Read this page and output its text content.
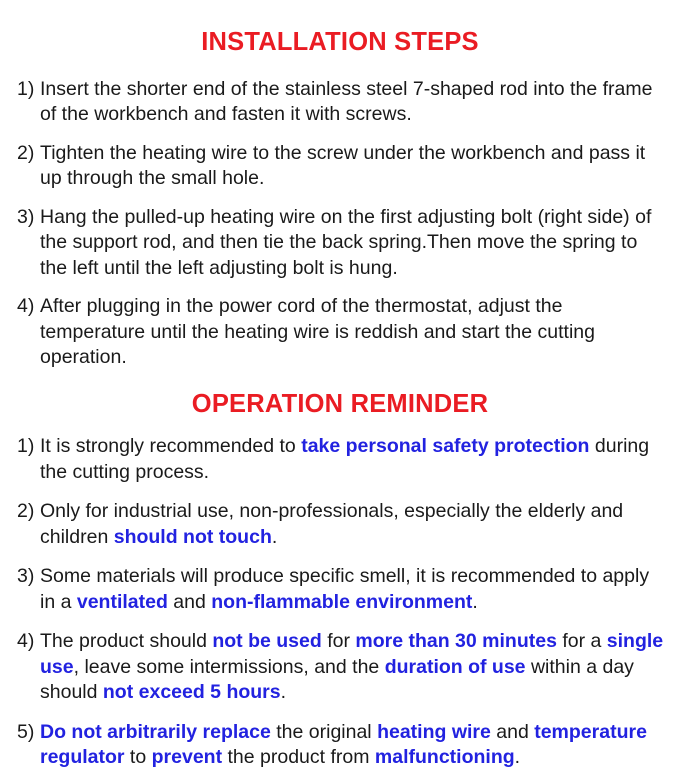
INSTALLATION STEPS
1) Insert the shorter end of the stainless steel 7-shaped rod into the frame of the workbench and fasten it with screws.
2) Tighten the heating wire to the screw under the workbench and pass it up through the small hole.
3) Hang the pulled-up heating wire on the first adjusting bolt (right side) of the support rod, and then tie the back spring.Then move the spring to the left until the left adjusting bolt is hung.
4) After plugging in the power cord of the thermostat, adjust the temperature until the heating wire is reddish and start the cutting operation.
OPERATION REMINDER
1) It is strongly recommended to take personal safety protection during the cutting process.
2) Only for industrial use, non-professionals, especially the elderly and children should not touch.
3) Some materials will produce specific smell, it is recommended to apply in a ventilated and non-flammable environment.
4) The product should not be used for more than 30 minutes for a single use, leave some intermissions, and the duration of use within a day should not exceed 5 hours.
5) Do not arbitrarily replace the original heating wire and temperature regulator to prevent the product from malfunctioning.
